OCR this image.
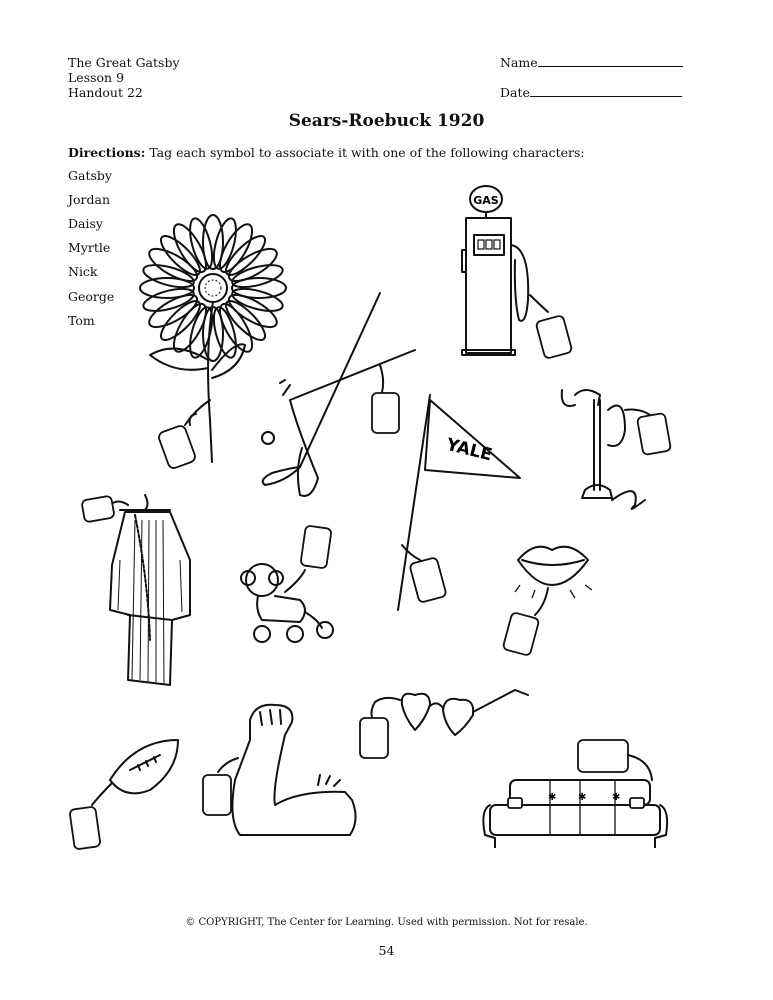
The Great Gatsby
Lesson 9
Handout 22
Name
Date
Sears-Roebuck 1920
Directions: Tag each symbol to associate it with one of the following characters:
Gatsby
Jordan
Daisy
Myrtle
Nick
George
Tom
GAS
YALE
✱ ✱	✱
© COPYRIGHT, The Center for Learning. Used with permission. Not for resale.
54
